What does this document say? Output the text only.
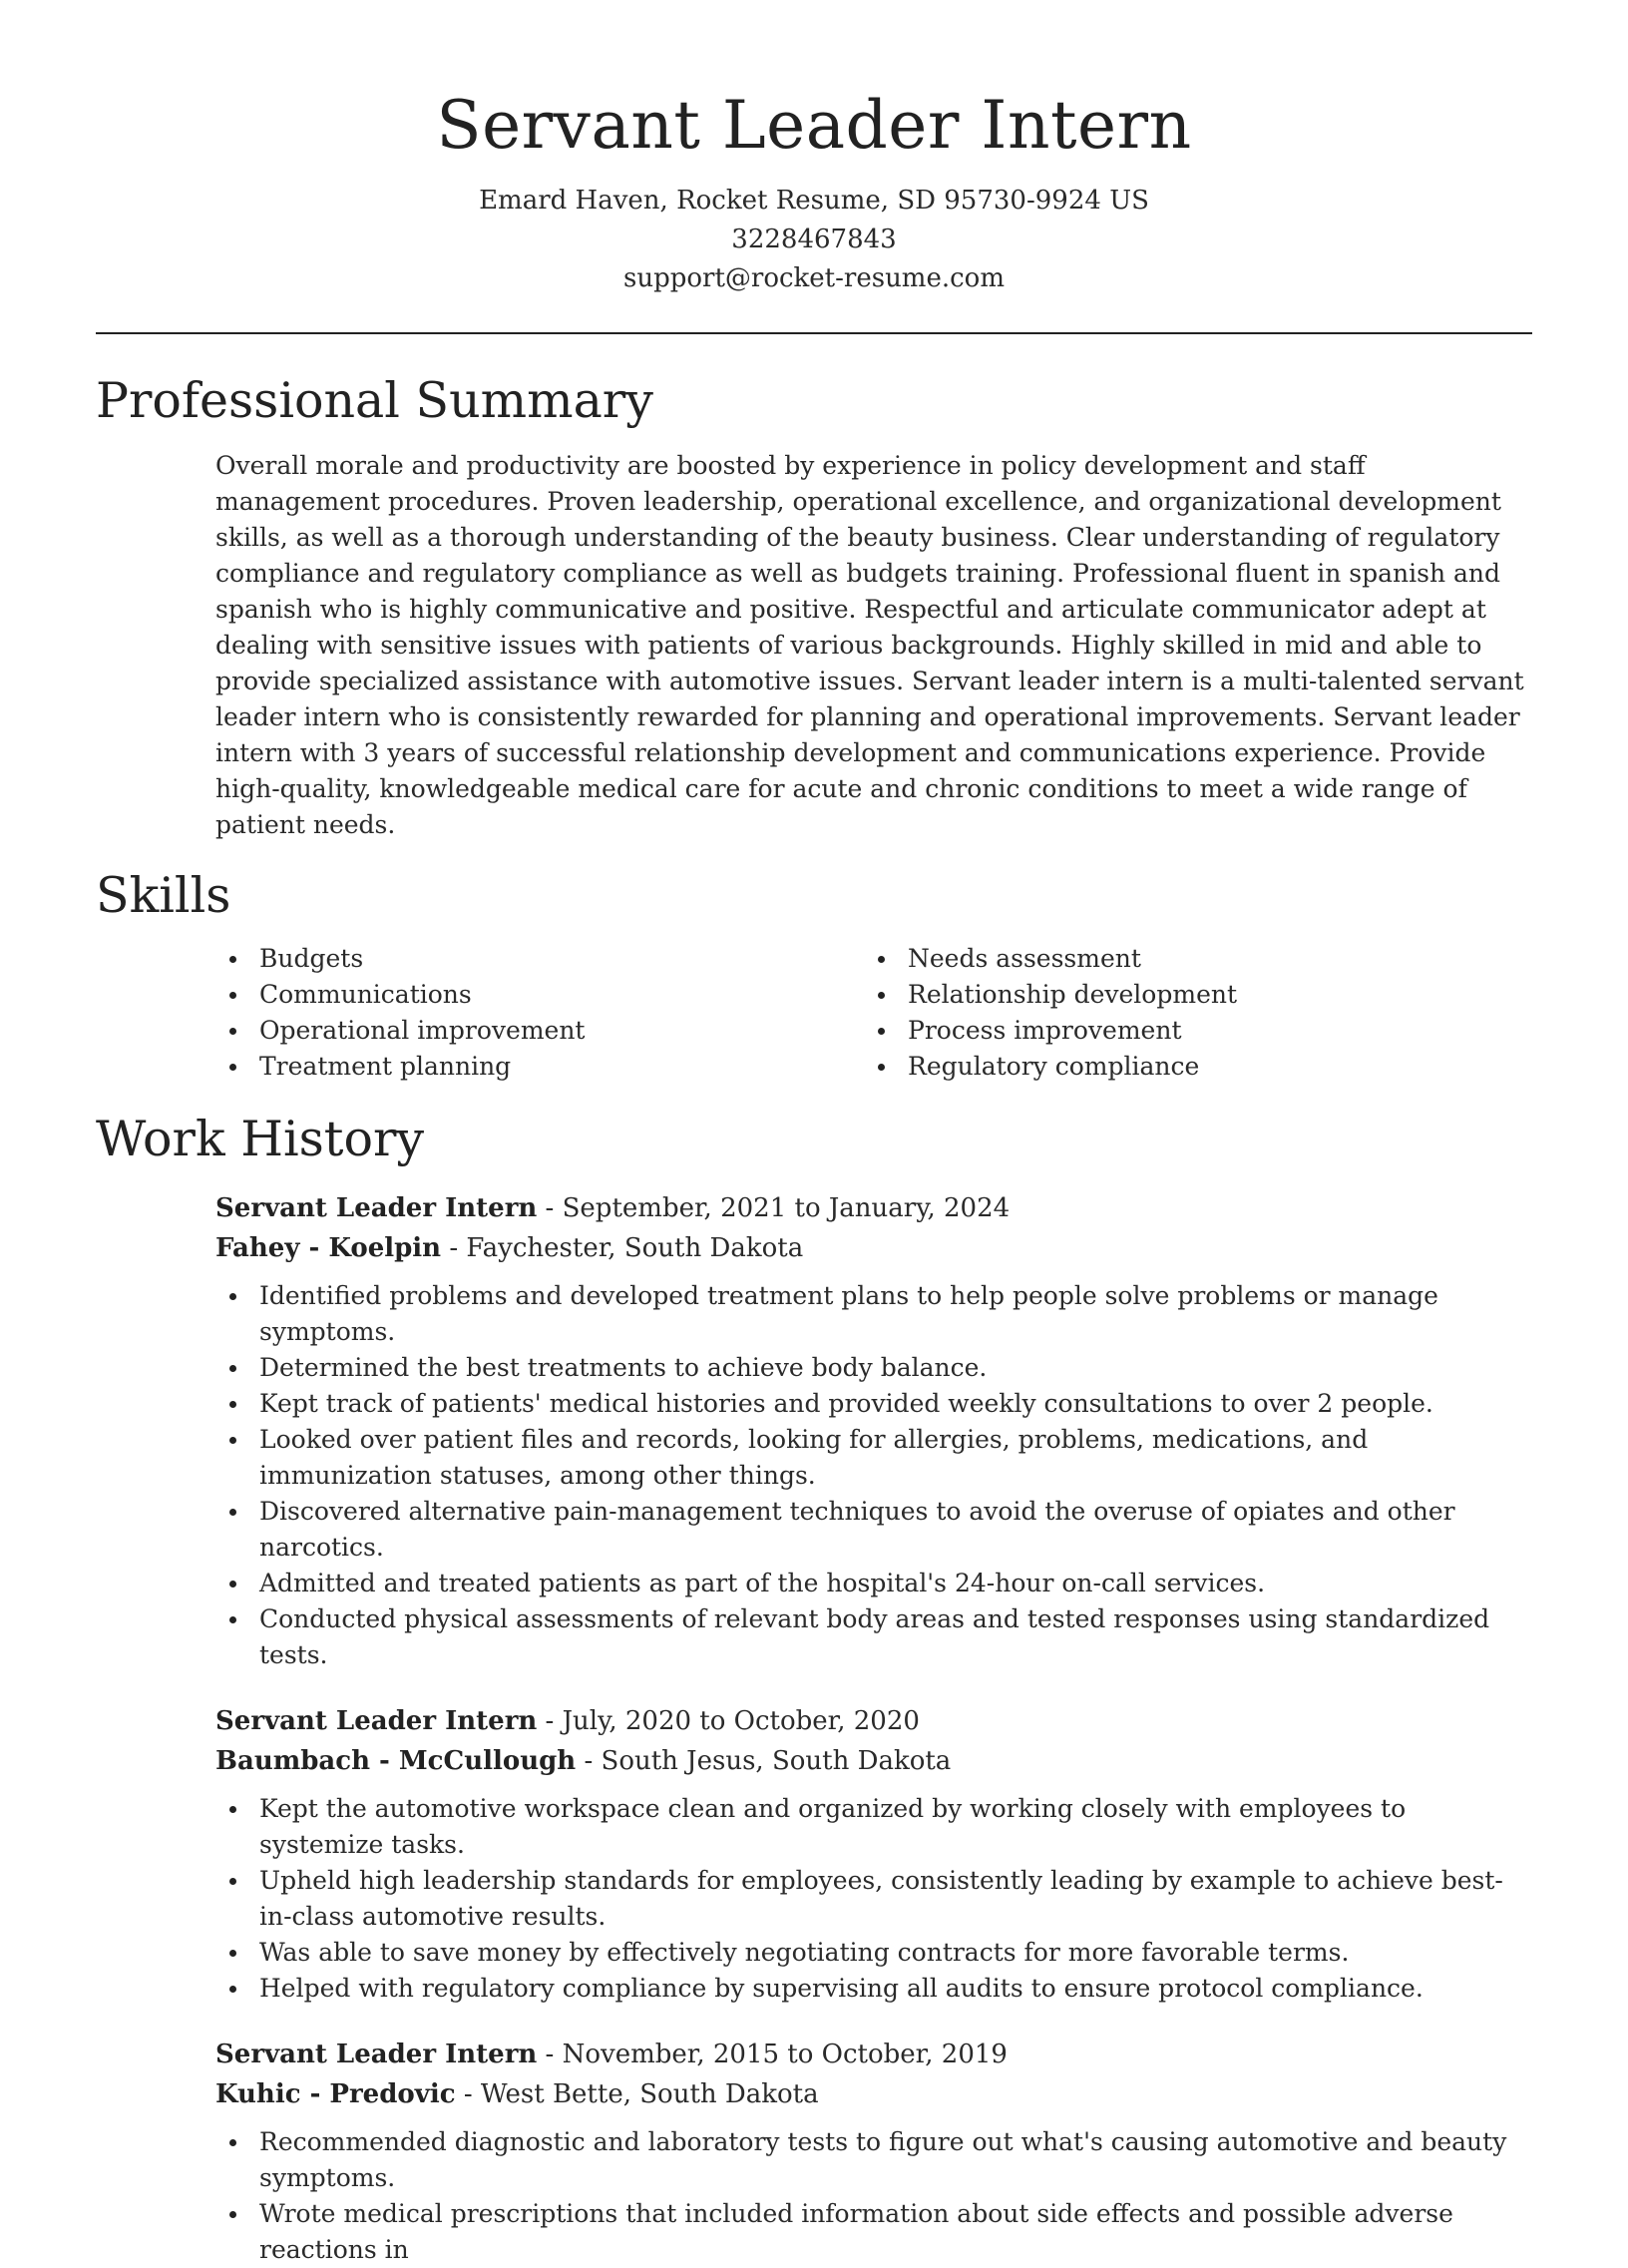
Servant Leader Intern
Emard Haven, Rocket Resume, SD 95730-9924 US
3228467843
support@rocket-resume.com
Professional Summary

Overall morale and productivity are boosted by experience in policy development and staff management procedures. Proven leadership, operational excellence, and organizational development skills, as well as a thorough understanding of the beauty business. Clear understanding of regulatory compliance and regulatory compliance as well as budgets training. Professional fluent in spanish and spanish who is highly communicative and positive. Respectful and articulate communicator adept at dealing with sensitive issues with patients of various backgrounds. Highly skilled in mid and able to provide specialized assistance with automotive issues. Servant leader intern is a multi-talented servant leader intern who is consistently rewarded for planning and operational improvements. Servant leader intern with 3 years of successful relationship development and communications experience. Provide high-quality, knowledgeable medical care for acute and chronic conditions to meet a wide range of patient needs.

Skills
Budgets
Communications
Operational improvement
Treatment planning
Needs assessment
Relationship development
Process improvement
Regulatory compliance
Work History
Servant Leader Intern - September, 2021 to January, 2024
Fahey - Koelpin - Faychester, South Dakota
Identified problems and developed treatment plans to help people solve problems or manage symptoms.
Determined the best treatments to achieve body balance.
Kept track of patients' medical histories and provided weekly consultations to over 2 people.
Looked over patient files and records, looking for allergies, problems, medications, and immunization statuses, among other things.
Discovered alternative pain-management techniques to avoid the overuse of opiates and other narcotics.
Admitted and treated patients as part of the hospital's 24-hour on-call services.
Conducted physical assessments of relevant body areas and tested responses using standardized tests.
Servant Leader Intern - July, 2020 to October, 2020
Baumbach - McCullough - South Jesus, South Dakota
Kept the automotive workspace clean and organized by working closely with employees to systemize tasks.
Upheld high leadership standards for employees, consistently leading by example to achieve best-in-class automotive results.
Was able to save money by effectively negotiating contracts for more favorable terms.
Helped with regulatory compliance by supervising all audits to ensure protocol compliance.
Servant Leader Intern - November, 2015 to October, 2019
Kuhic - Predovic - West Bette, South Dakota
Recommended diagnostic and laboratory tests to figure out what's causing automotive and beauty symptoms.
Wrote medical prescriptions that included information about side effects and possible adverse reactions in
